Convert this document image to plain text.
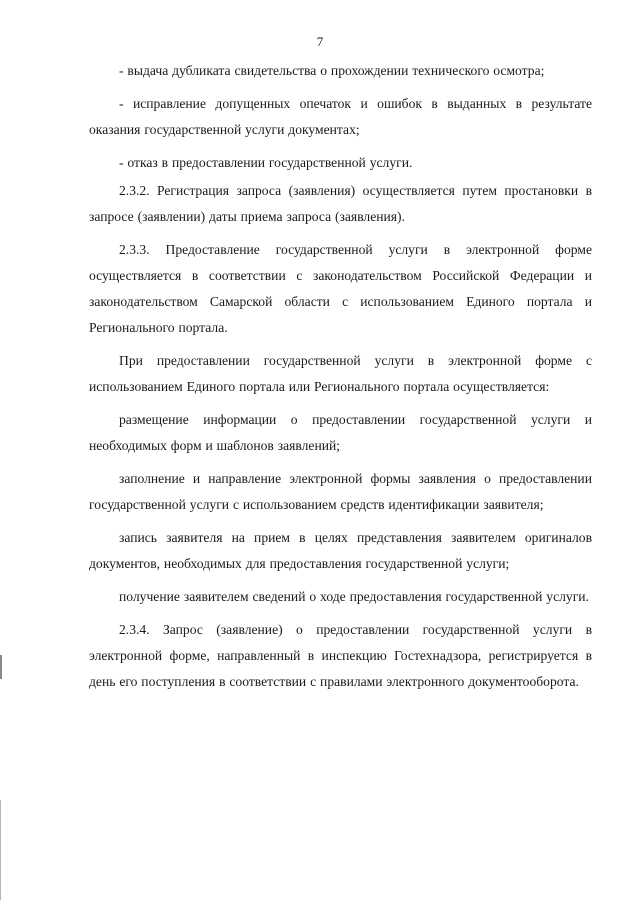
7

- выдача дубликата свидетельства о прохождении технического осмотра;

- исправление допущенных опечаток и ошибок в выданных в результате оказания государственной услуги документах;

- отказ в предоставлении государственной услуги.

2.3.2. Регистрация запроса (заявления) осуществляется путем простановки в запросе (заявлении) даты приема запроса (заявления).

2.3.3. Предоставление государственной услуги в электронной форме осуществляется в соответствии с законодательством Российской Федерации и законодательством Самарской области с использованием Единого портала и Регионального портала.

При предоставлении государственной услуги в электронной форме с использованием Единого портала или Регионального портала осуществляется:

размещение информации о предоставлении государственной услуги и необходимых форм и шаблонов заявлений;

заполнение и направление электронной формы заявления о предоставлении государственной услуги с использованием средств идентификации заявителя;

запись заявителя на прием в целях представления заявителем оригиналов документов, необходимых для предоставления государственной услуги;

получение заявителем сведений о ходе предоставления государственной услуги.

2.3.4. Запрос (заявление) о предоставлении государственной услуги в электронной форме, направленный в инспекцию Гостехнадзора, регистрируется в день его поступления в соответствии с правилами электронного документооборота.
